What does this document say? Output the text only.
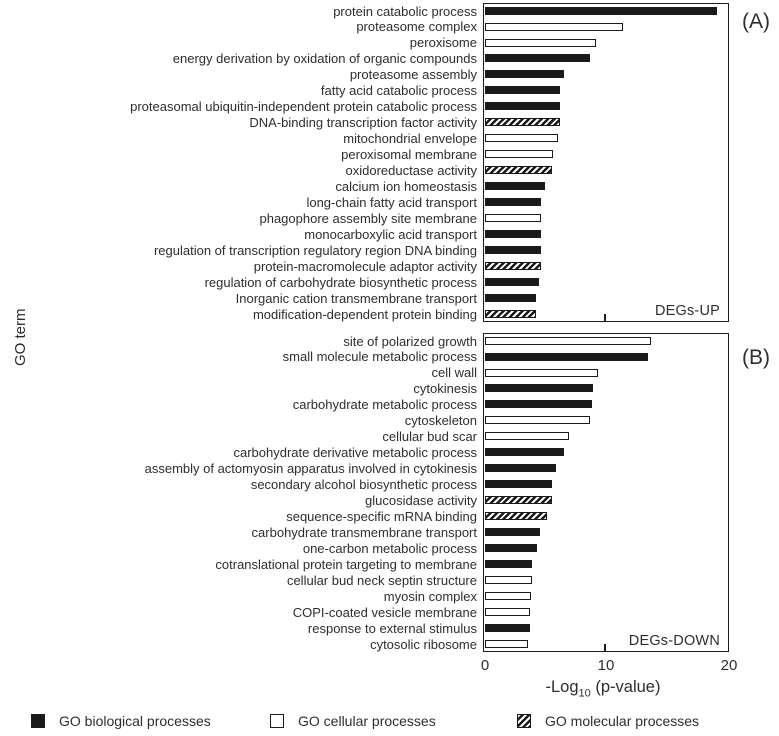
GO term	DEGs-UP
(A)
DEGs-DOWN
(B)
protein catabolic process
proteasome complex
peroxisome
energy derivation by oxidation of organic compounds
proteasome assembly
fatty acid catabolic process
proteasomal ubiquitin-independent protein catabolic process
DNA-binding transcription factor activity
mitochondrial envelope
peroxisomal membrane
oxidoreductase activity
calcium ion homeostasis
long-chain fatty acid transport
phagophore assembly site membrane
monocarboxylic acid transport
regulation of transcription regulatory region DNA binding
protein-macromolecule adaptor activity
regulation of carbohydrate biosynthetic process
Inorganic cation transmembrane transport
modification-dependent protein binding
site of polarized growth
small molecule metabolic process
cell wall
cytokinesis
carbohydrate metabolic process
cytoskeleton
cellular bud scar
carbohydrate derivative metabolic process
assembly of actomyosin apparatus involved in cytokinesis
secondary alcohol biosynthetic process
glucosidase activity
sequence-specific mRNA binding
carbohydrate transmembrane transport
one-carbon metabolic process
cotranslational protein targeting to membrane
cellular bud neck septin structure
myosin complex
COPI-coated vesicle membrane
response to external stimulus
cytosolic ribosome
0	10	20
-Log$_{10}$ (p-value)
GO biological processes	GO cellular processes	GO molecular processes
